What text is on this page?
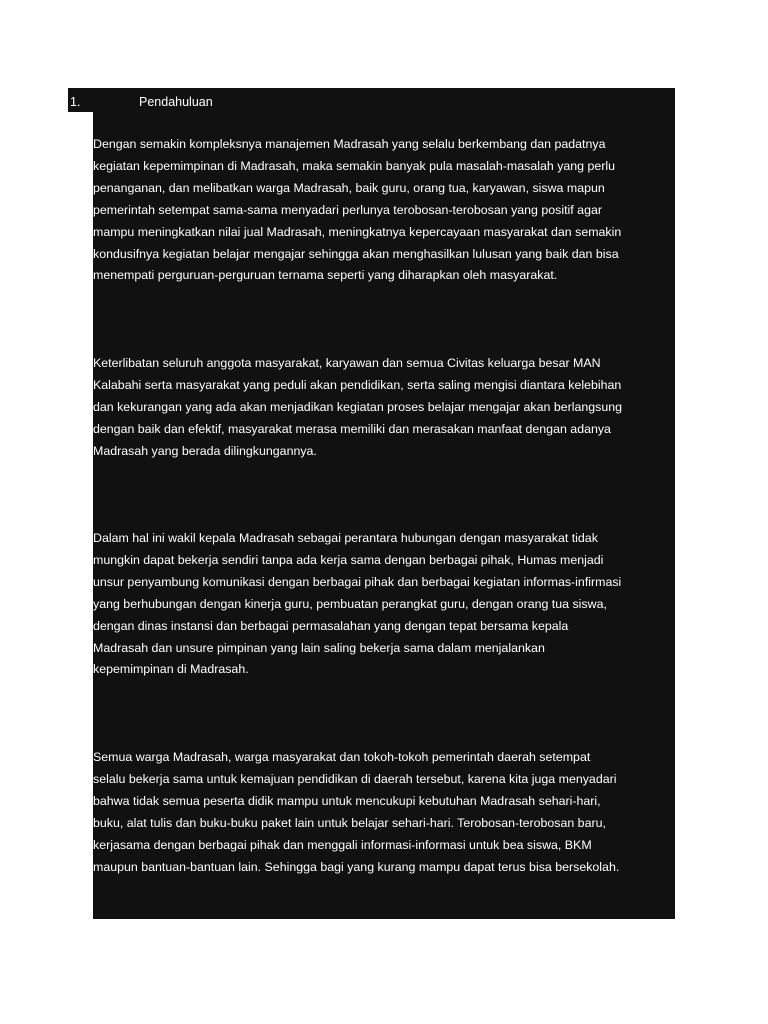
1.	Pendahuluan

Dengan semakin kompleksnya manajemen Madrasah yang selalu berkembang dan padatnya
kegiatan kepemimpinan di Madrasah, maka semakin banyak pula masalah-masalah yang perlu
penanganan, dan melibatkan warga Madrasah, baik guru, orang tua, karyawan, siswa mapun
pemerintah setempat sama-sama menyadari perlunya terobosan-terobosan yang positif agar
mampu meningkatkan nilai jual Madrasah, meningkatnya kepercayaan masyarakat dan semakin
kondusifnya kegiatan belajar mengajar sehingga akan menghasilkan lulusan yang baik dan bisa
menempati perguruan-perguruan ternama seperti yang diharapkan oleh masyarakat.

Keterlibatan seluruh anggota masyarakat, karyawan dan semua Civitas keluarga besar MAN
Kalabahi serta masyarakat yang peduli akan pendidikan, serta saling mengisi diantara kelebihan
dan kekurangan yang ada akan menjadikan kegiatan proses belajar mengajar akan berlangsung
dengan baik dan efektif, masyarakat merasa memiliki dan merasakan manfaat dengan adanya
Madrasah yang berada dilingkungannya.

Dalam hal ini wakil kepala Madrasah sebagai perantara hubungan dengan masyarakat tidak
mungkin dapat bekerja sendiri tanpa ada kerja sama dengan berbagai pihak, Humas menjadi
unsur penyambung komunikasi dengan berbagai pihak dan berbagai kegiatan informas-infirmasi
yang berhubungan dengan kinerja guru, pembuatan perangkat guru, dengan orang tua siswa,
dengan dinas instansi dan berbagai permasalahan yang dengan tepat bersama kepala
Madrasah dan unsure pimpinan yang lain saling bekerja sama dalam menjalankan
kepemimpinan di Madrasah.

Semua warga Madrasah, warga masyarakat dan tokoh-tokoh pemerintah daerah setempat
selalu bekerja sama untuk kemajuan pendidikan di daerah tersebut, karena kita juga menyadari
bahwa tidak semua peserta didik mampu untuk mencukupi kebutuhan Madrasah sehari-hari,
buku, alat tulis dan buku-buku paket lain untuk belajar sehari-hari. Terobosan-terobosan baru,
kerjasama dengan berbagai pihak dan menggali informasi-informasi untuk bea siswa, BKM
maupun bantuan-bantuan lain. Sehingga bagi yang kurang mampu dapat terus bisa bersekolah.
